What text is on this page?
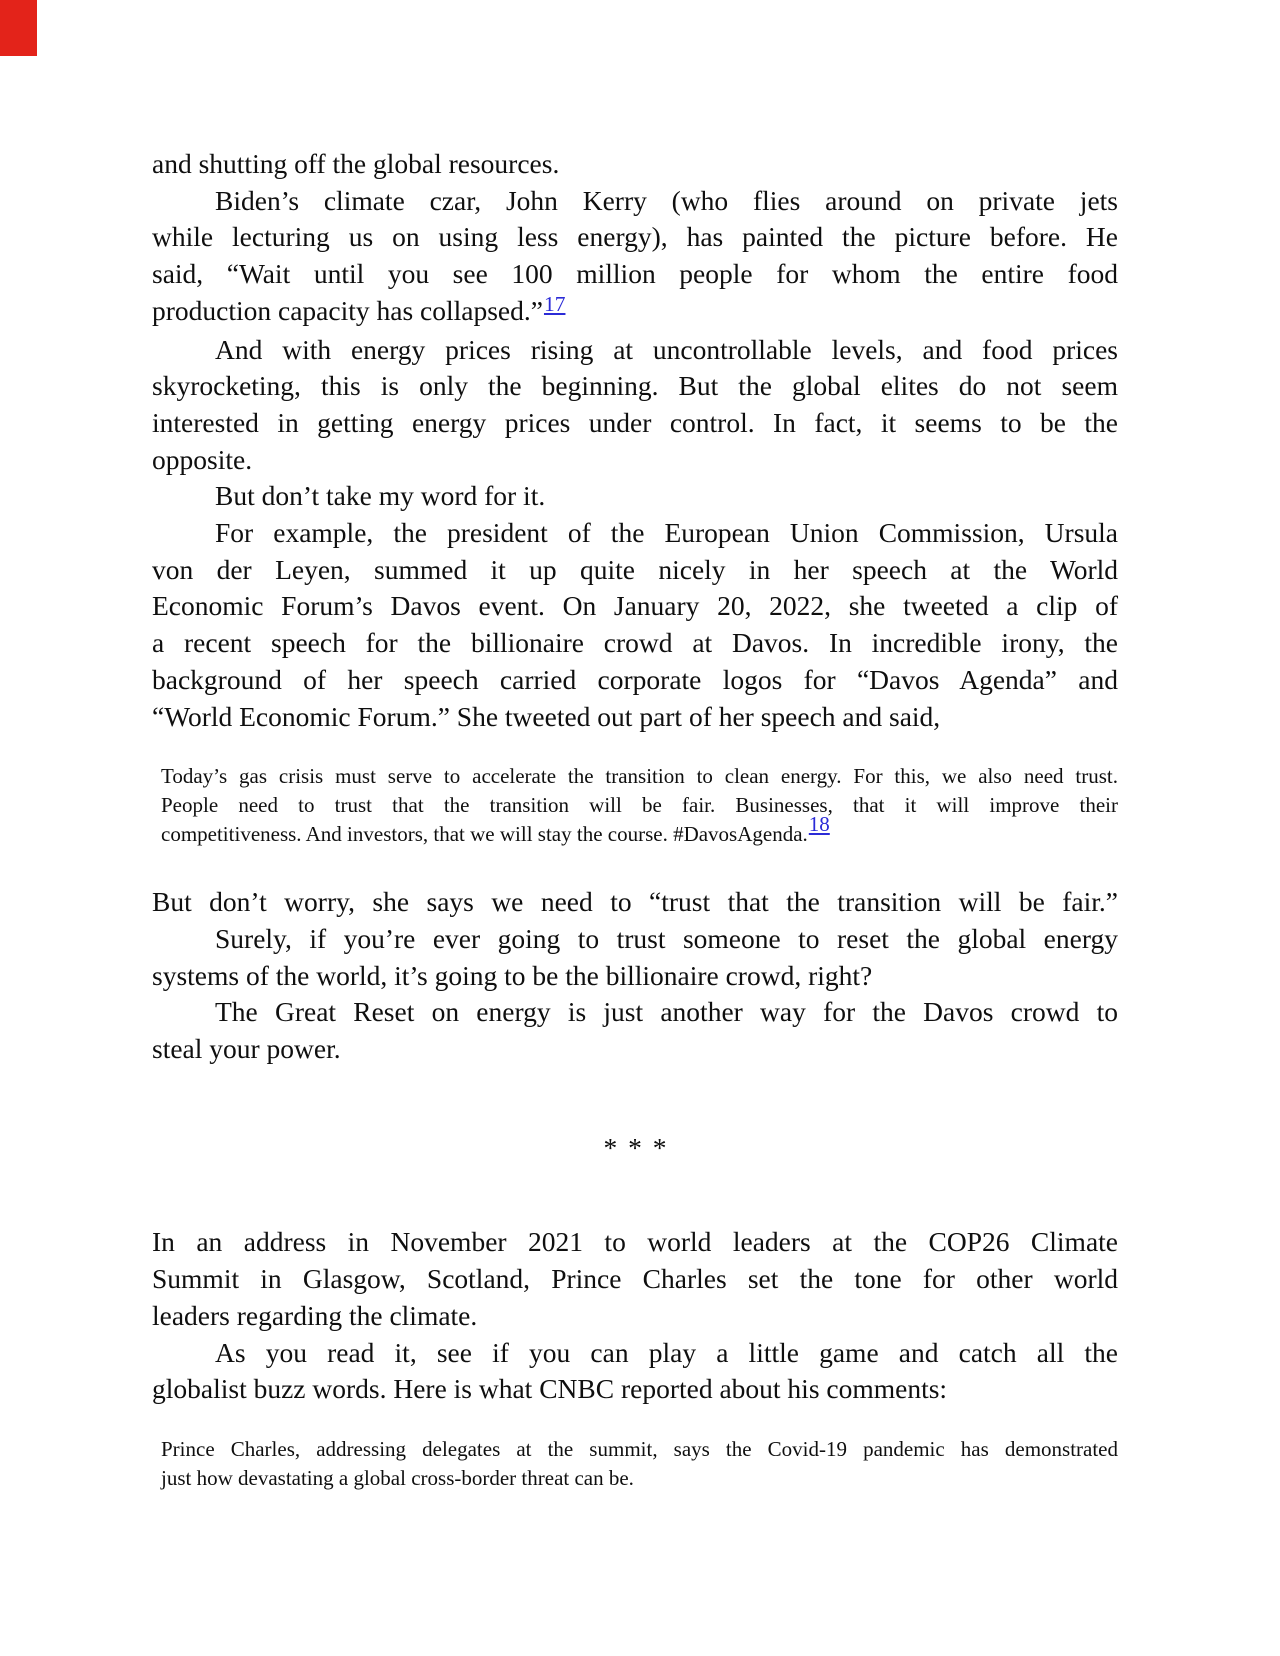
and shutting off the global resources.
Biden’s climate czar, John Kerry (who flies around on private jets
while lecturing us on using less energy), has painted the picture before. He
said, “Wait until you see 100 million people for whom the entire food
production capacity has collapsed.”$^{17}$
And with energy prices rising at uncontrollable levels, and food prices
skyrocketing, this is only the beginning. But the global elites do not seem
interested in getting energy prices under control. In fact, it seems to be the
opposite.
But don’t take my word for it.
For example, the president of the European Union Commission, Ursula
von der Leyen, summed it up quite nicely in her speech at the World
Economic Forum’s Davos event. On January 20, 2022, she tweeted a clip of
a recent speech for the billionaire crowd at Davos. In incredible irony, the
background of her speech carried corporate logos for “Davos Agenda” and
“World Economic Forum.” She tweeted out part of her speech and said,
Today’s gas crisis must serve to accelerate the transition to clean energy. For this, we also need trust.
People need to trust that the transition will be fair. Businesses, that it will improve their
competitiveness. And investors, that we will stay the course. #DavosAgenda.18
But don’t worry, she says we need to “trust that the transition will be fair.”
Surely, if you’re ever going to trust someone to reset the global energy
systems of the world, it’s going to be the billionaire crowd, right?
The Great Reset on energy is just another way for the Davos crowd to
steal your power.
* * *
In an address in November 2021 to world leaders at the COP26 Climate
Summit in Glasgow, Scotland, Prince Charles set the tone for other world
leaders regarding the climate.
As you read it, see if you can play a little game and catch all the
globalist buzz words. Here is what CNBC reported about his comments:
Prince Charles, addressing delegates at the summit, says the Covid-19 pandemic has demonstrated
just how devastating a global cross-border threat can be.
